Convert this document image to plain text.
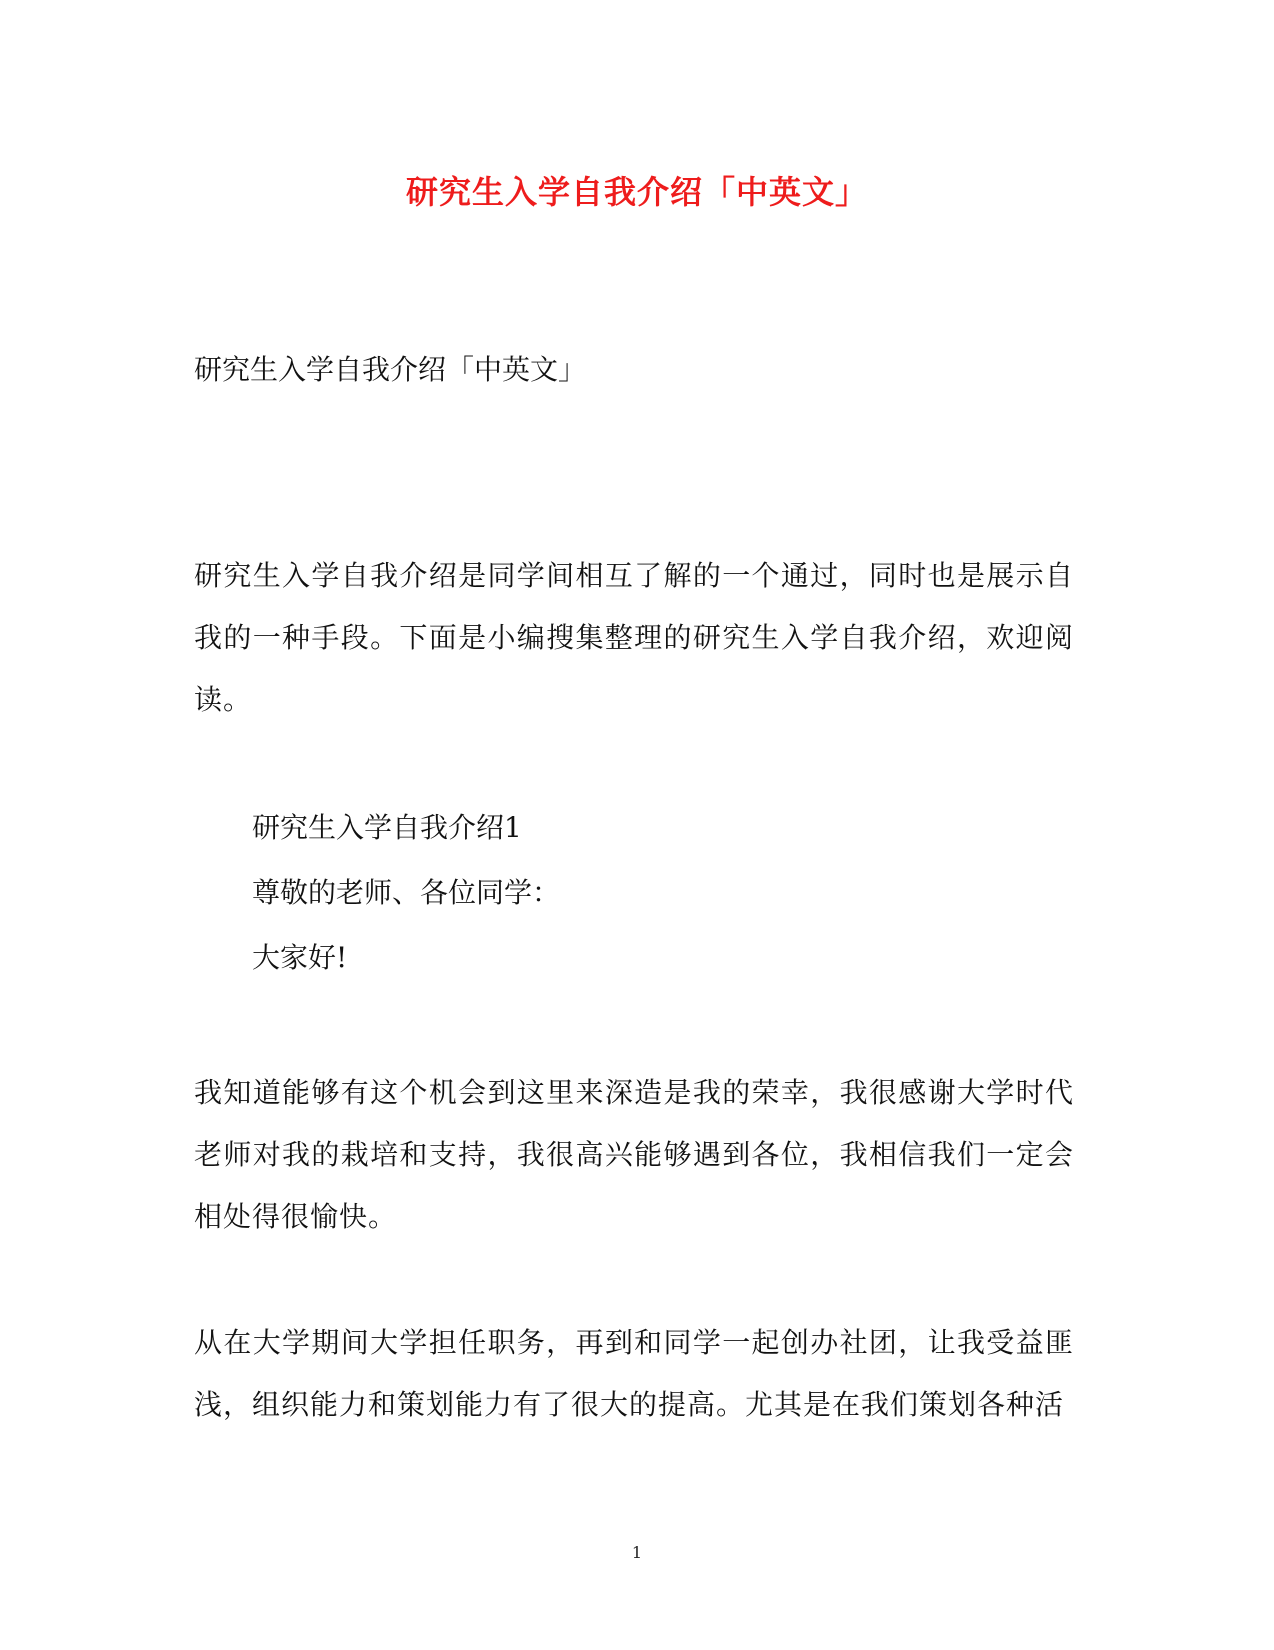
研究生入学自我介绍「中英文」

研究生入学自我介绍「中英文」

研究生入学自我介绍是同学间相互了解的一个通过，同时也是展示自我的一种手段。下面是小编搜集整理的研究生入学自我介绍，欢迎阅读。

研究生入学自我介绍1

尊敬的老师、各位同学：

大家好!

我知道能够有这个机会到这里来深造是我的荣幸，我很感谢大学时代老师对我的栽培和支持，我很高兴能够遇到各位，我相信我们一定会相处得很愉快。

从在大学期间大学担任职务，再到和同学一起创办社团，让我受益匪浅，组织能力和策划能力有了很大的提高。尤其是在我们策划各种活

1
